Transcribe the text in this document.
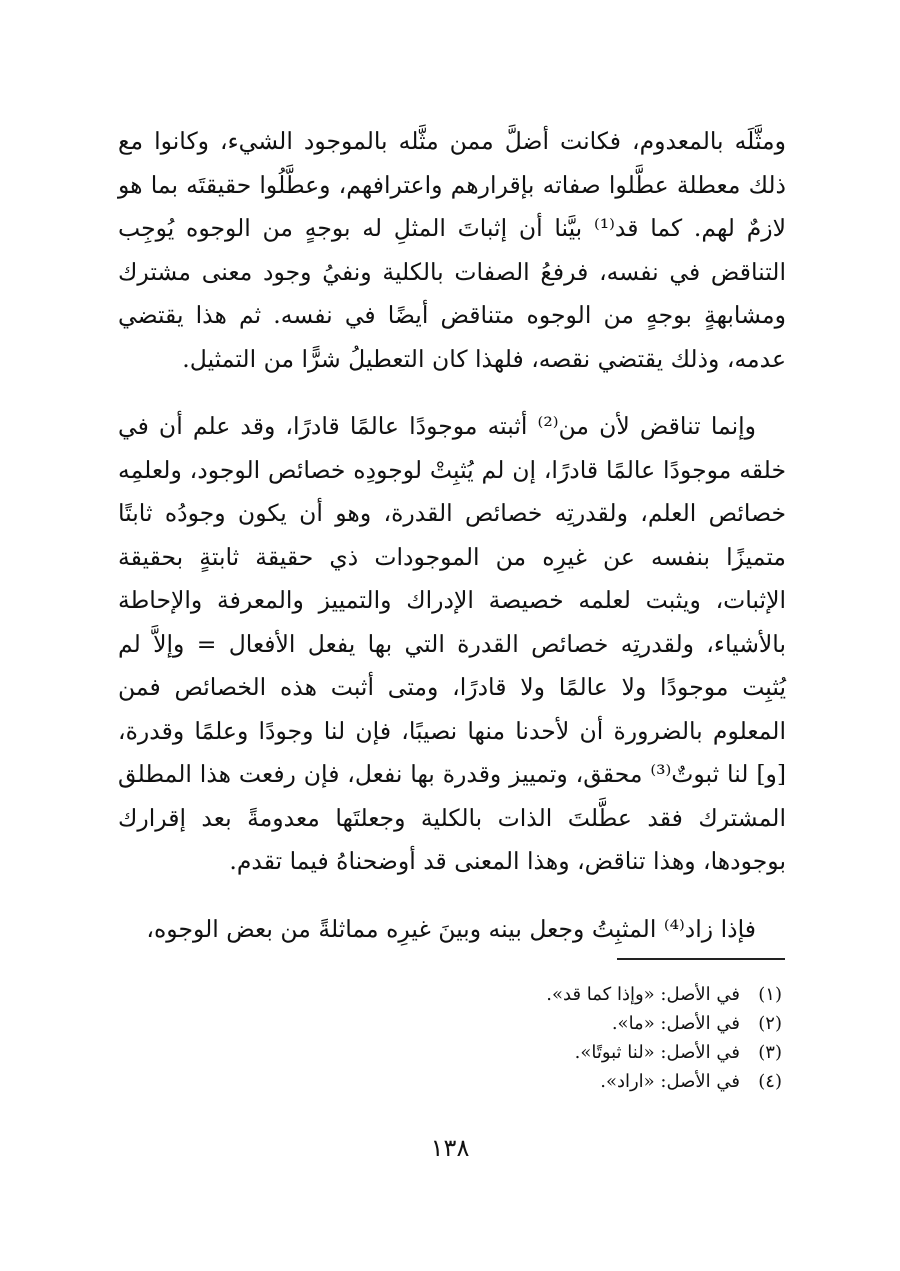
ومثَّلَه بالمعدوم، فكانت أضلَّ ممن مثَّله بالموجود الشيء، وكانوا مع ذلك معطلة عطَّلوا صفاته بإقرارهم واعترافهم، وعطَّلُوا حقيقتَه بما هو لازمٌ لهم. كما قد⁽¹⁾ بيَّنا أن إثباتَ المثلِ له بوجهٍ من الوجوه يُوجِب التناقض في نفسه، فرفعُ الصفات بالكلية ونفيُ وجود معنى مشترك ومشابهةٍ بوجهٍ من الوجوه متناقض أيضًا في نفسه. ثم هذا يقتضي عدمه، وذلك يقتضي نقصه، فلهذا كان التعطيلُ شرًّا من التمثيل.

وإنما تناقض لأن من⁽²⁾ أثبته موجودًا عالمًا قادرًا، وقد علم أن في خلقه موجودًا عالمًا قادرًا، إن لم يُثبِتْ لوجودِه خصائص الوجود، ولعلمِه خصائص العلم، ولقدرتِه خصائص القدرة، وهو أن يكون وجودُه ثابتًا متميزًا بنفسه عن غيرِه من الموجودات ذي حقيقة ثابتةٍ بحقيقة الإثبات، ويثبت لعلمه خصيصة الإدراك والتمييز والمعرفة والإحاطة بالأشياء، ولقدرتِه خصائص القدرة التي بها يفعل الأفعال = وإلاَّ لم يُثبِت موجودًا ولا عالمًا ولا قادرًا، ومتى أثبت هذه الخصائص فمن المعلوم بالضرورة أن لأحدنا منها نصيبًا، فإن لنا وجودًا وعلمًا وقدرة، [و] لنا ثبوتٌ⁽³⁾ محقق، وتمييز وقدرة بها نفعل، فإن رفعت هذا المطلق المشترك فقد عطَّلتَ الذات بالكلية وجعلتَها معدومةً بعد إقرارك بوجودها، وهذا تناقض، وهذا المعنى قد أوضحناهُ فيما تقدم.

فإذا زاد⁽⁴⁾ المثبِتُ وجعل بينه وبينَ غيرِه مماثلةً من بعض الوجوه،

(١)
في الأصل: «وإذا كما قد».
(٢)
في الأصل: «ما».
(٣)
في الأصل: «لنا ثبوتًا».
(٤)
في الأصل: «اراد».
١٣٨
